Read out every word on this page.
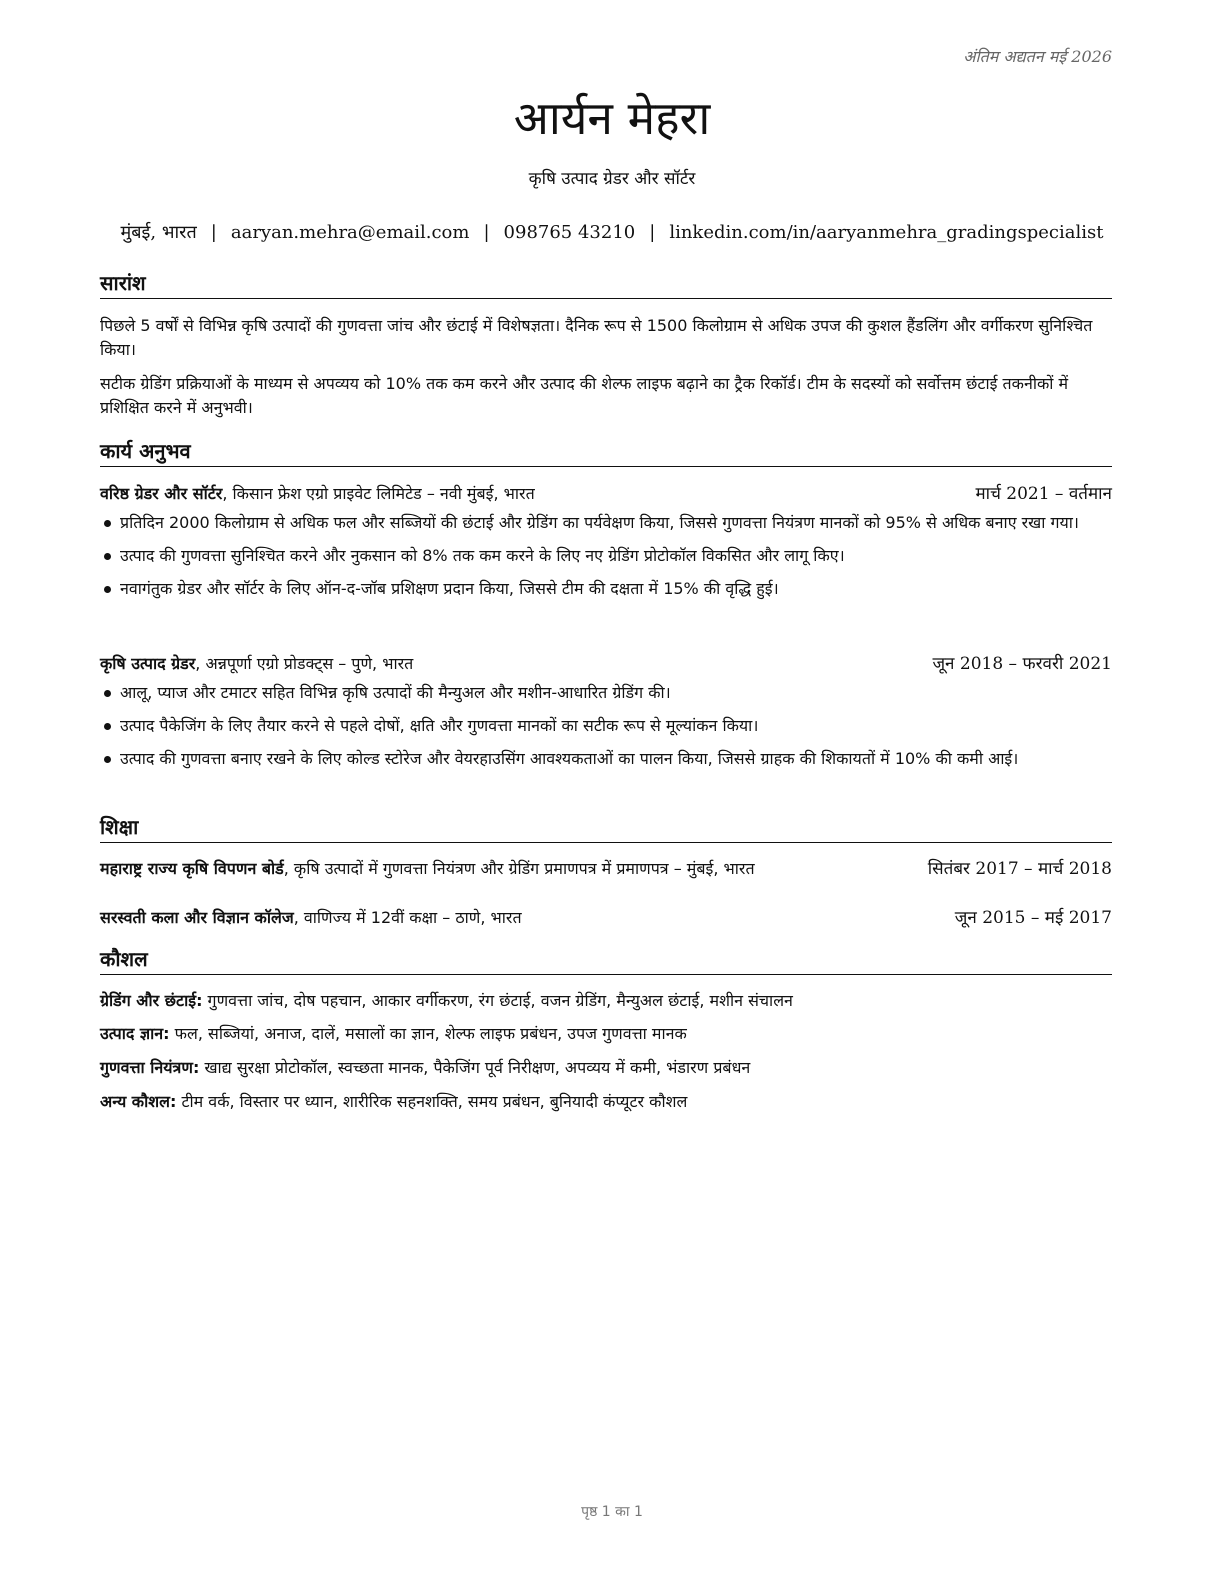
अंतिम अद्यतन मई 2026
आर्यन मेहरा
कृषि उत्पाद ग्रेडर और सॉर्टर
मुंबई, भारत | aaryan.mehra@email.com | 098765 43210 | linkedin.com/in/aaryanmehra_gradingspecialist
सारांश
पिछले 5 वर्षों से विभिन्न कृषि उत्पादों की गुणवत्ता जांच और छंटाई में विशेषज्ञता। दैनिक रूप से 1500 किलोग्राम से अधिक उपज की कुशल हैंडलिंग और वर्गीकरण सुनिश्चित किया।
सटीक ग्रेडिंग प्रक्रियाओं के माध्यम से अपव्यय को 10% तक कम करने और उत्पाद की शेल्फ लाइफ बढ़ाने का ट्रैक रिकॉर्ड। टीम के सदस्यों को सर्वोत्तम छंटाई तकनीकों में प्रशिक्षित करने में अनुभवी।
कार्य अनुभव
वरिष्ठ ग्रेडर और सॉर्टर, किसान फ्रेश एग्रो प्राइवेट लिमिटेड – नवी मुंबई, भारत	मार्च 2021 – वर्तमान
प्रतिदिन 2000 किलोग्राम से अधिक फल और सब्जियों की छंटाई और ग्रेडिंग का पर्यवेक्षण किया, जिससे गुणवत्ता नियंत्रण मानकों को 95% से अधिक बनाए रखा गया।
उत्पाद की गुणवत्ता सुनिश्चित करने और नुकसान को 8% तक कम करने के लिए नए ग्रेडिंग प्रोटोकॉल विकसित और लागू किए।
नवागंतुक ग्रेडर और सॉर्टर के लिए ऑन-द-जॉब प्रशिक्षण प्रदान किया, जिससे टीम की दक्षता में 15% की वृद्धि हुई।
कृषि उत्पाद ग्रेडर, अन्नपूर्णा एग्रो प्रोडक्ट्स – पुणे, भारत	जून 2018 – फरवरी 2021
आलू, प्याज और टमाटर सहित विभिन्न कृषि उत्पादों की मैन्युअल और मशीन-आधारित ग्रेडिंग की।
उत्पाद पैकेजिंग के लिए तैयार करने से पहले दोषों, क्षति और गुणवत्ता मानकों का सटीक रूप से मूल्यांकन किया।
उत्पाद की गुणवत्ता बनाए रखने के लिए कोल्ड स्टोरेज और वेयरहाउसिंग आवश्यकताओं का पालन किया, जिससे ग्राहक की शिकायतों में 10% की कमी आई।
शिक्षा
महाराष्ट्र राज्य कृषि विपणन बोर्ड, कृषि उत्पादों में गुणवत्ता नियंत्रण और ग्रेडिंग प्रमाणपत्र में प्रमाणपत्र – मुंबई, भारत	सितंबर 2017 – मार्च 2018
सरस्वती कला और विज्ञान कॉलेज, वाणिज्य में 12वीं कक्षा – ठाणे, भारत	जून 2015 – मई 2017
कौशल
ग्रेडिंग और छंटाई: गुणवत्ता जांच, दोष पहचान, आकार वर्गीकरण, रंग छंटाई, वजन ग्रेडिंग, मैन्युअल छंटाई, मशीन संचालन
उत्पाद ज्ञान: फल, सब्जियां, अनाज, दालें, मसालों का ज्ञान, शेल्फ लाइफ प्रबंधन, उपज गुणवत्ता मानक
गुणवत्ता नियंत्रण: खाद्य सुरक्षा प्रोटोकॉल, स्वच्छता मानक, पैकेजिंग पूर्व निरीक्षण, अपव्यय में कमी, भंडारण प्रबंधन
अन्य कौशल: टीम वर्क, विस्तार पर ध्यान, शारीरिक सहनशक्ति, समय प्रबंधन, बुनियादी कंप्यूटर कौशल
पृष्ठ 1 का 1
